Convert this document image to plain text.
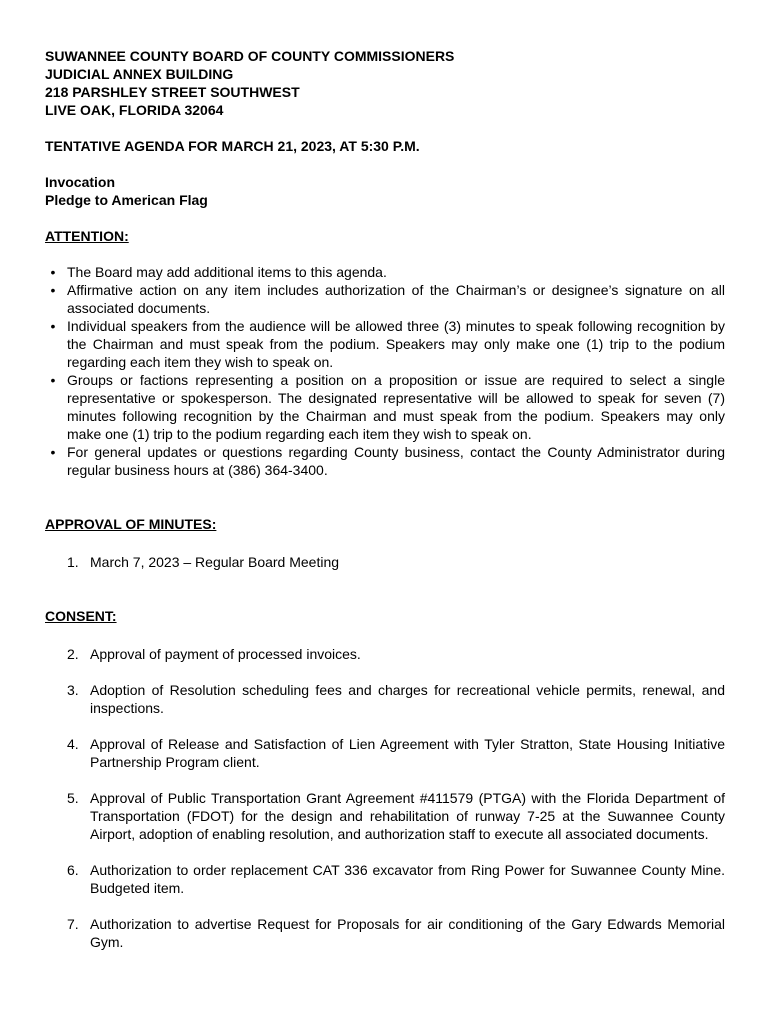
SUWANNEE COUNTY BOARD OF COUNTY COMMISSIONERS
JUDICIAL ANNEX BUILDING
218 PARSHLEY STREET SOUTHWEST
LIVE OAK, FLORIDA 32064
TENTATIVE AGENDA FOR MARCH 21, 2023, AT 5:30 P.M.
Invocation
Pledge to American Flag
ATTENTION:
• The Board may add additional items to this agenda.
• Affirmative action on any item includes authorization of the Chairman’s or designee’s signature on all associated documents.
• Individual speakers from the audience will be allowed three (3) minutes to speak following recognition by the Chairman and must speak from the podium. Speakers may only make one (1) trip to the podium regarding each item they wish to speak on.
• Groups or factions representing a position on a proposition or issue are required to select a single representative or spokesperson. The designated representative will be allowed to speak for seven (7) minutes following recognition by the Chairman and must speak from the podium. Speakers may only make one (1) trip to the podium regarding each item they wish to speak on.
• For general updates or questions regarding County business, contact the County Administrator during regular business hours at (386) 364-3400.
APPROVAL OF MINUTES:
1. March 7, 2023 – Regular Board Meeting
CONSENT:
2. Approval of payment of processed invoices.
3. Adoption of Resolution scheduling fees and charges for recreational vehicle permits, renewal, and inspections.
4. Approval of Release and Satisfaction of Lien Agreement with Tyler Stratton, State Housing Initiative Partnership Program client.
5. Approval of Public Transportation Grant Agreement #411579 (PTGA) with the Florida Department of Transportation (FDOT) for the design and rehabilitation of runway 7-25 at the Suwannee County Airport, adoption of enabling resolution, and authorization staff to execute all associated documents.
6. Authorization to order replacement CAT 336 excavator from Ring Power for Suwannee County Mine. Budgeted item.
7. Authorization to advertise Request for Proposals for air conditioning of the Gary Edwards Memorial Gym.
